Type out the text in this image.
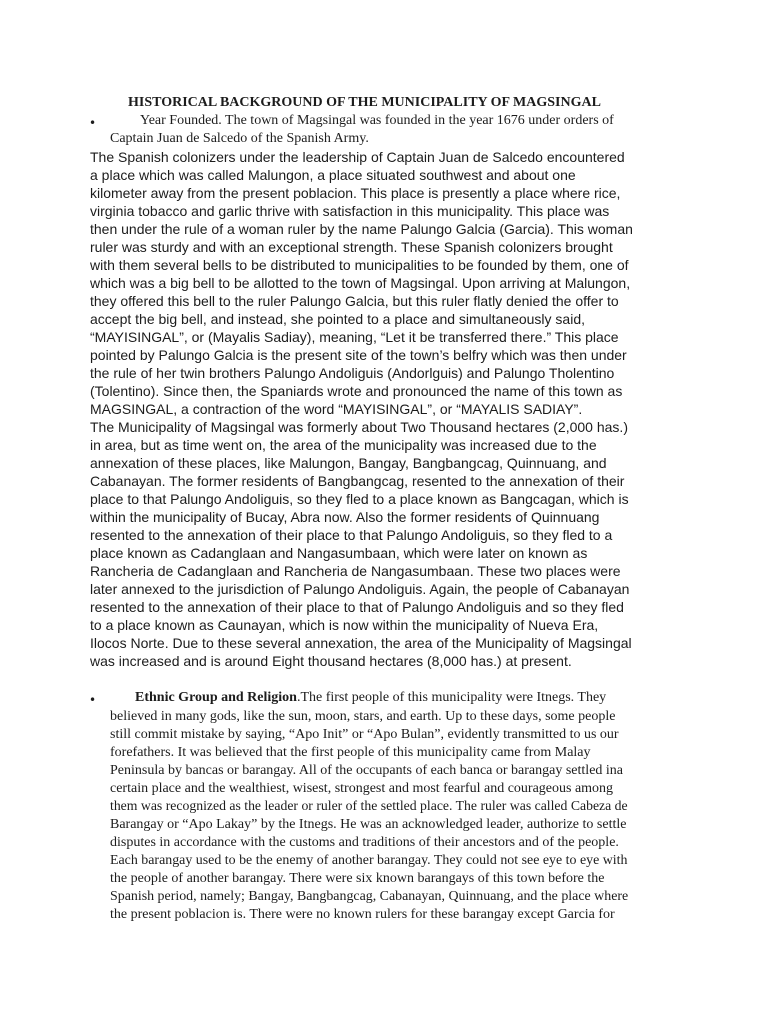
HISTORICAL BACKGROUND OF THE MUNICIPALITY OF MAGSINGAL
•	Year Founded. The town of Magsingal was founded in the year 1676 under orders of
Captain Juan de Salcedo of the Spanish Army.
The Spanish colonizers under the leadership of Captain Juan de Salcedo encountered
a place which was called Malungon, a place situated southwest and about one
kilometer away from the present poblacion. This place is presently a place where rice,
virginia tobacco and garlic thrive with satisfaction in this municipality. This place was
then under the rule of a woman ruler by the name Palungo Galcia (Garcia). This woman
ruler was sturdy and with an exceptional strength. These Spanish colonizers brought
with them several bells to be distributed to municipalities to be founded by them, one of
which was a big bell to be allotted to the town of Magsingal. Upon arriving at Malungon,
they offered this bell to the ruler Palungo Galcia, but this ruler flatly denied the offer to
accept the big bell, and instead, she pointed to a place and simultaneously said,
“MAYISINGAL”, or (Mayalis Sadiay), meaning, “Let it be transferred there.” This place
pointed by Palungo Galcia is the present site of the town’s belfry which was then under
the rule of her twin brothers Palungo Andoliguis (Andorlguis) and Palungo Tholentino
(Tolentino). Since then, the Spaniards wrote and pronounced the name of this town as
MAGSINGAL, a contraction of the word “MAYISINGAL”, or “MAYALIS SADIAY”.
The Municipality of Magsingal was formerly about Two Thousand hectares (2,000 has.)
in area, but as time went on, the area of the municipality was increased due to the
annexation of these places, like Malungon, Bangay, Bangbangcag, Quinnuang, and
Cabanayan. The former residents of Bangbangcag, resented to the annexation of their
place to that Palungo Andoliguis, so they fled to a place known as Bangcagan, which is
within the municipality of Bucay, Abra now. Also the former residents of Quinnuang
resented to the annexation of their place to that Palungo Andoliguis, so they fled to a
place known as Cadanglaan and Nangasumbaan, which were later on known as
Rancheria de Cadanglaan and Rancheria de Nangasumbaan. These two places were
later annexed to the jurisdiction of Palungo Andoliguis. Again, the people of Cabanayan
resented to the annexation of their place to that of Palungo Andoliguis and so they fled
to a place known as Caunayan, which is now within the municipality of Nueva Era,
Ilocos Norte. Due to these several annexation, the area of the Municipality of Magsingal
was increased and is around Eight thousand hectares (8,000 has.) at present.
•	Ethnic Group and Religion.The first people of this municipality were Itnegs. They
believed in many gods, like the sun, moon, stars, and earth. Up to these days, some people
still commit mistake by saying, “Apo Init” or “Apo Bulan”, evidently transmitted to us our
forefathers. It was believed that the first people of this municipality came from Malay
Peninsula by bancas or barangay. All of the occupants of each banca or barangay settled ina
certain place and the wealthiest, wisest, strongest and most fearful and courageous among
them was recognized as the leader or ruler of the settled place. The ruler was called Cabeza de
Barangay or “Apo Lakay” by the Itnegs. He was an acknowledged leader, authorize to settle
disputes in accordance with the customs and traditions of their ancestors and of the people.
Each barangay used to be the enemy of another barangay. They could not see eye to eye with
the people of another barangay. There were six known barangays of this town before the
Spanish period, namely; Bangay, Bangbangcag, Cabanayan, Quinnuang, and the place where
the present poblacion is. There were no known rulers for these barangay except Garcia for
